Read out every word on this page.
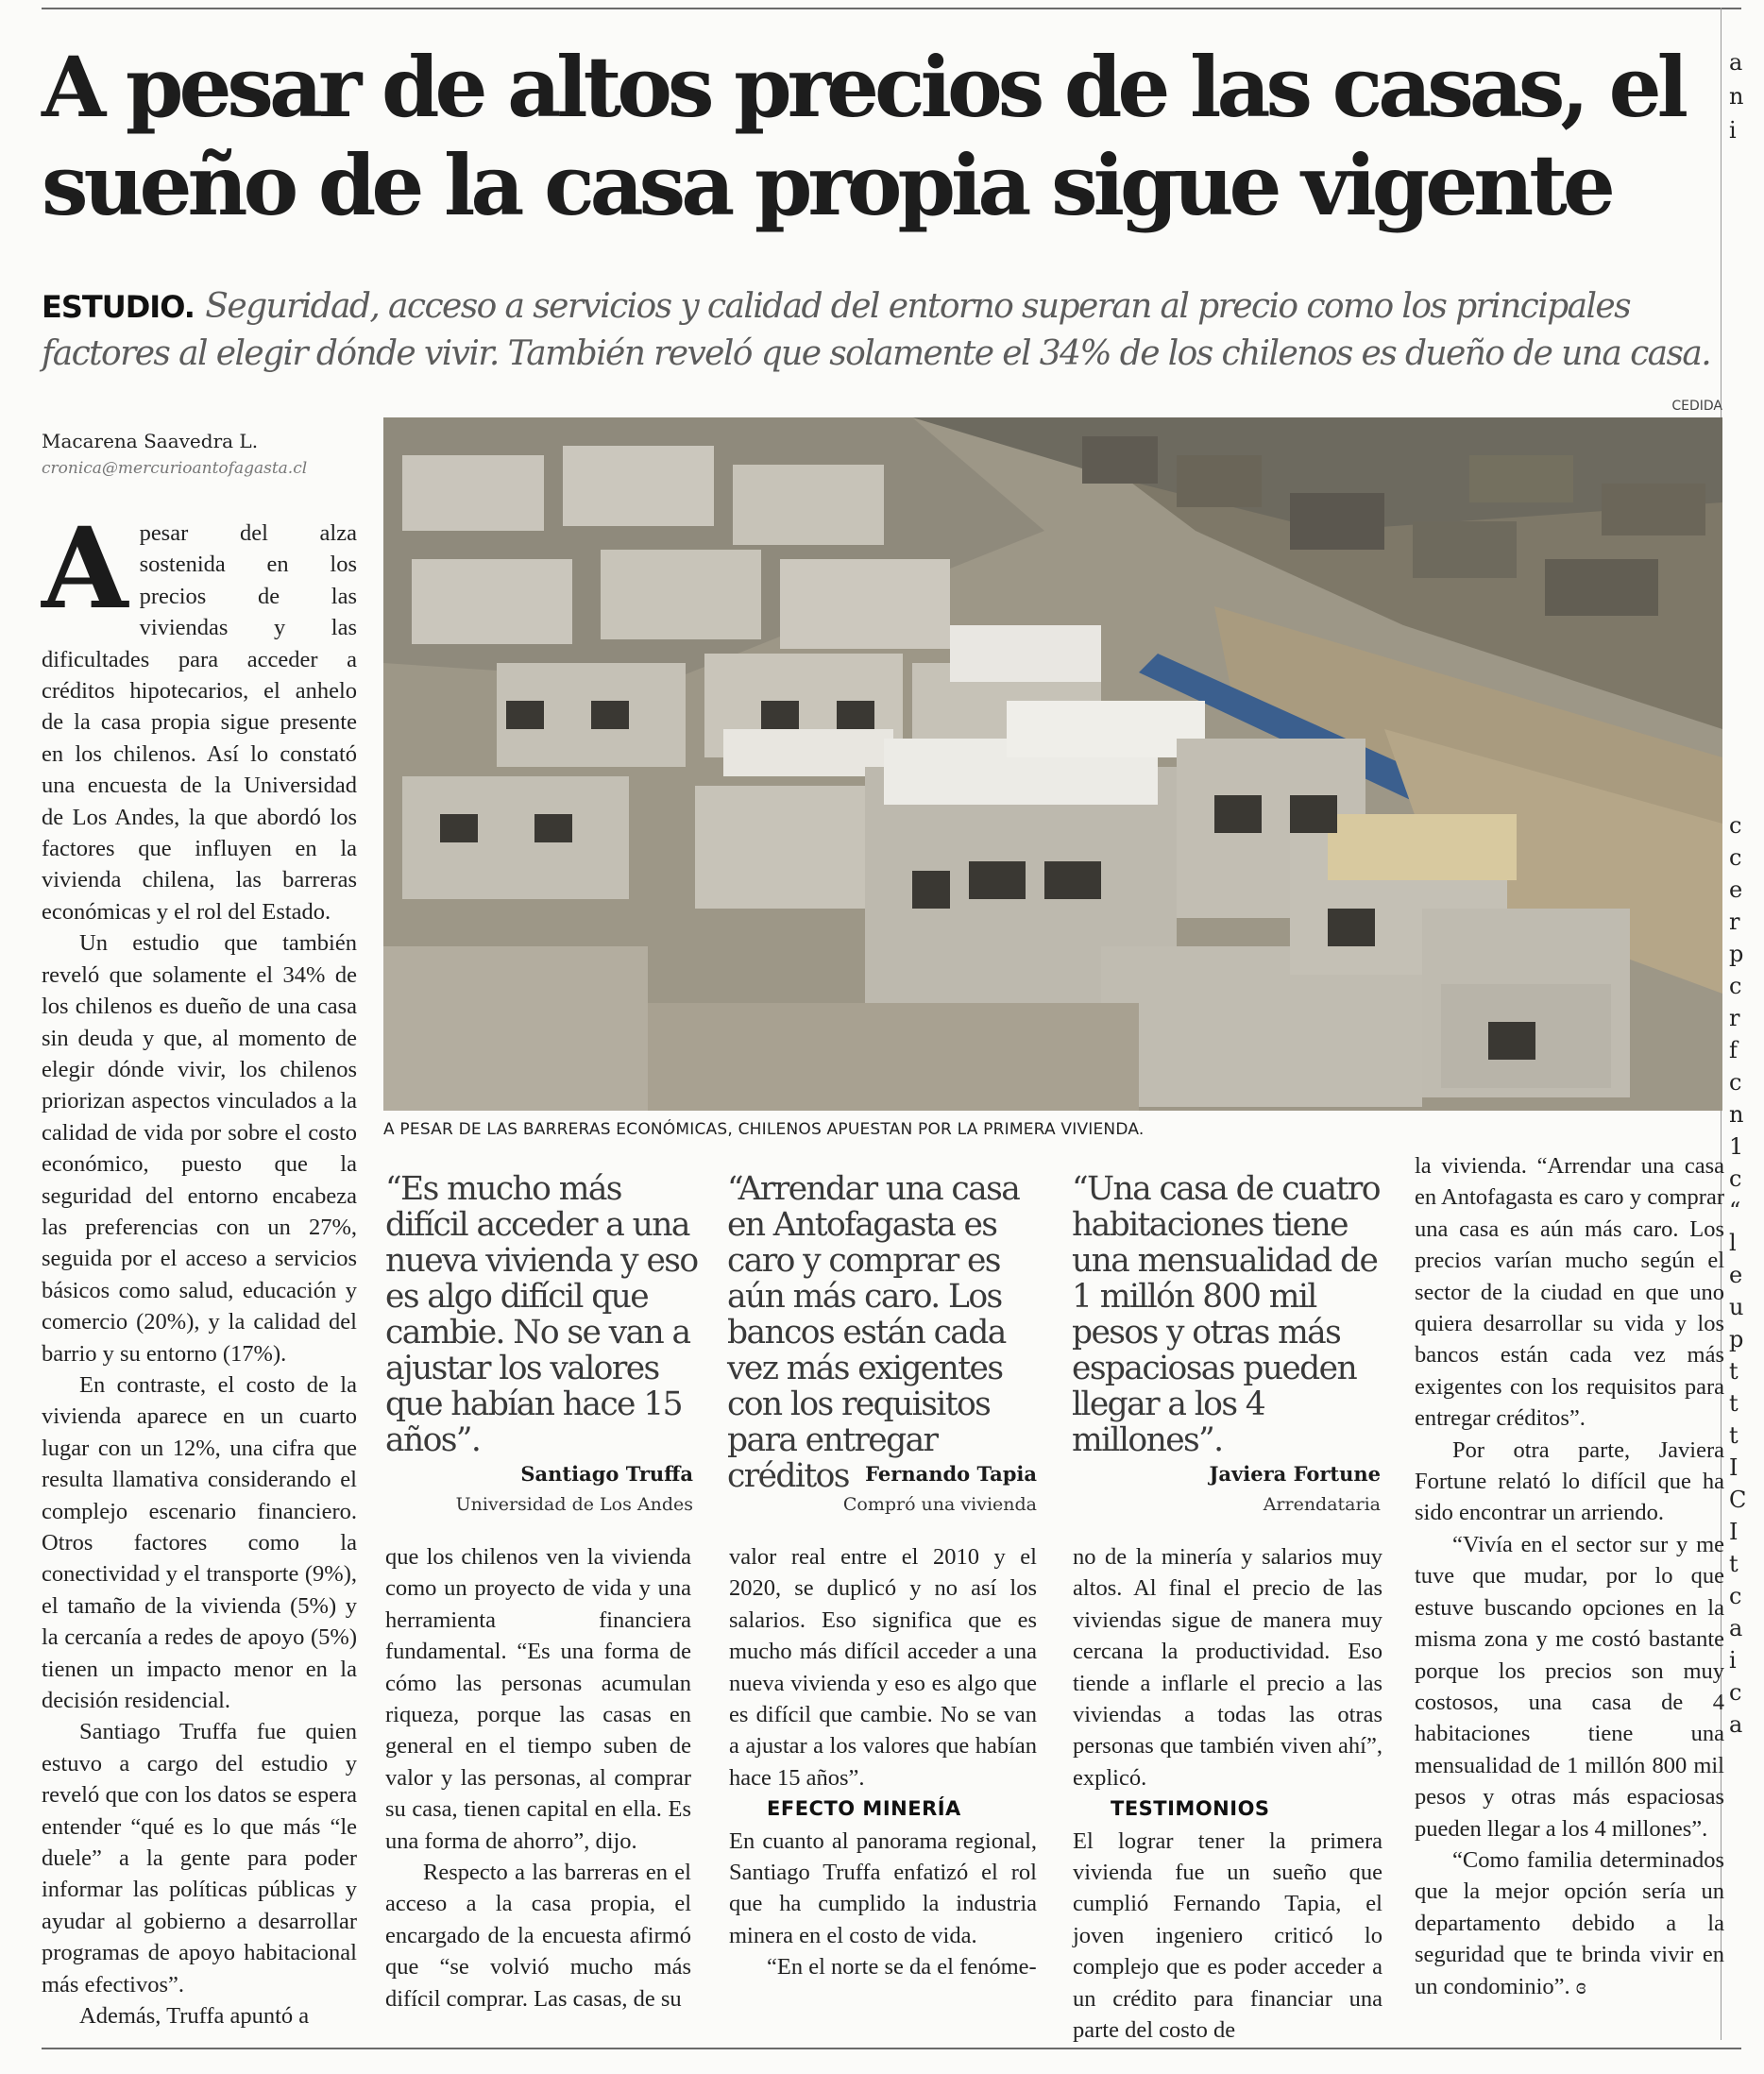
A pesar de altos precios de las casas, el
sueño de la casa propia sigue vigente
ESTUDIO. Seguridad, acceso a servicios y calidad del entorno superan al precio como los principales factores al elegir dónde vivir. También reveló que solamente el 34% de los chilenos es dueño de una casa.
CEDIDA
Macarena Saavedra L.
cronica@mercurioantofagasta.cl
A PESAR DE LAS BARRERAS ECONÓMICAS, CHILENOS APUESTAN POR LA PRIMERA VIVIENDA.

Apesar del alza sostenida en los precios de las viviendas y las dificultades para acceder a créditos hipotecarios, el anhelo de la casa propia sigue presente en los chilenos. Así lo constató una encuesta de la Universidad de Los Andes, la que abordó los factores que influyen en la vivienda chilena, las barreras económicas y el rol del Estado.

Un estudio que también reveló que solamente el 34% de los chilenos es dueño de una casa sin deuda y que, al momento de elegir dónde vivir, los chilenos priorizan aspectos vinculados a la calidad de vida por sobre el costo económico, puesto que la seguridad del entorno encabeza las preferencias con un 27%, seguida por el acceso a servicios básicos como salud, educación y comercio (20%), y la calidad del barrio y su entorno (17%).

En contraste, el costo de la vivienda aparece en un cuarto lugar con un 12%, una cifra que resulta llamativa considerando el complejo escenario financiero. Otros factores como la conectividad y el transporte (9%), el tamaño de la vivienda (5%) y la cercanía a redes de apoyo (5%) tienen un impacto menor en la decisión residencial.

Santiago Truffa fue quien estuvo a cargo del estudio y reveló que con los datos se espera entender “qué es lo que más “le duele” a la gente para poder informar las políticas públicas y ayudar al gobierno a desarrollar programas de apoyo habitacional más efectivos”.

Además, Truffa apuntó a

“Es mucho más difícil acceder a una nueva vivienda y eso es algo difícil que cambie. No se van a ajustar los valores que habían hace 15 años”.
Santiago Truffa
Universidad de Los Andes
“Arrendar una casa en Antofagasta es caro y comprar es aún más caro. Los bancos están cada vez más exigentes con los requisitos para entregar créditos Fernando Tapia
Compró una vivienda
“Una casa de cuatro habitaciones tiene una mensualidad de 1 millón 800 mil pesos y otras más espaciosas pueden llegar a los 4 millones”.
Javiera Fortune
Arrendataria

que los chilenos ven la vivienda como un proyecto de vida y una herramienta financiera fundamental. “Es una forma de cómo las personas acumulan riqueza, porque las casas en general en el tiempo suben de valor y las personas, al comprar su casa, tienen capital en ella. Es una forma de ahorro”, dijo.

Respecto a las barreras en el acceso a la casa propia, el encargado de la encuesta afirmó que “se volvió mucho más difícil comprar. Las casas, de su

valor real entre el 2010 y el 2020, se duplicó y no así los salarios. Eso significa que es mucho más difícil acceder a una nueva vivienda y eso es algo que es difícil que cambie. No se van a ajustar a los valores que habían hace 15 años”.

EFECTO MINERÍA

En cuanto al panorama regional, Santiago Truffa enfatizó el rol que ha cumplido la industria minera en el costo de vida.

“En el norte se da el fenóme-

no de la minería y salarios muy altos. Al final el precio de las viviendas sigue de manera muy cercana la productividad. Eso tiende a inflarle el precio a las viviendas a todas las otras personas que también viven ahí”, explicó.

TESTIMONIOS

El lograr tener la primera vivienda fue un sueño que cumplió Fernando Tapia, el joven ingeniero criticó lo complejo que es poder acceder a un crédito para financiar una parte del costo de

la vivienda. “Arrendar una casa en Antofagasta es caro y comprar una casa es aún más caro. Los precios varían mucho según el sector de la ciudad en que uno quiera desarrollar su vida y los bancos están cada vez más exigentes con los requisitos para entregar créditos”.

Por otra parte, Javiera Fortune relató lo difícil que ha sido encontrar un arriendo.

“Vivía en el sector sur y me tuve que mudar, por lo que estuve buscando opciones en la misma zona y me costó bastante porque los precios son muy costosos, una casa de 4 habitaciones tiene una mensualidad de 1 millón 800 mil pesos y otras más espaciosas pueden llegar a los 4 millones”.

“Como familia determinados que la mejor opción sería un departamento debido a la seguridad que te brinda vivir en un condominio”. ɞ

a
n
i
c
c
e
r
p
c
r
f
c
n
1
c
“
l
e
u
p
t
t
t
I
C
I
t
c
a
i
c
a
